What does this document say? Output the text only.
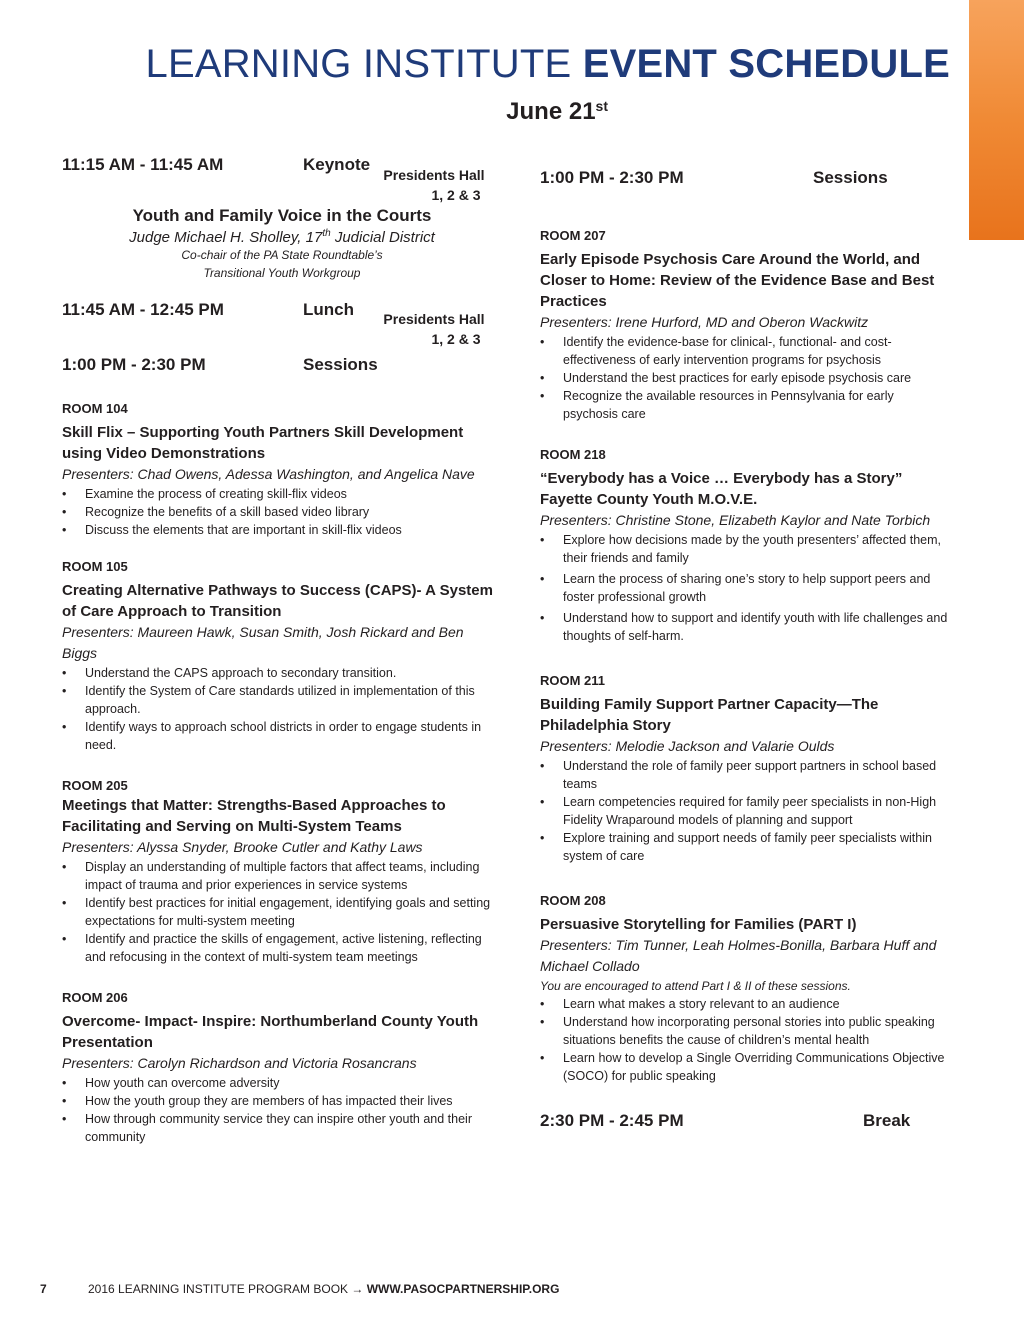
LEARNING INSTITUTE EVENT SCHEDULE
June 21st
11:15 AM - 11:45 AM	Keynote
Presidents Hall
1, 2 & 3
Youth and Family Voice in the Courts
Judge Michael H. Sholley, 17th Judicial District
Co-chair of the PA State Roundtable’s
Transitional Youth Workgroup
11:45 AM - 12:45 PM	Lunch	Presidents Hall
1, 2 & 3
1:00 PM - 2:30 PM	Sessions
ROOM 104
Skill Flix – Supporting Youth Partners Skill Development using Video Demonstrations
Presenters: Chad Owens, Adessa Washington, and Angelica Nave
• Examine the process of creating skill-flix videos
• Recognize the benefits of a skill based video library
• Discuss the elements that are important in skill-flix videos
ROOM 105
Creating Alternative Pathways to Success (CAPS)- A System of Care Approach to Transition
Presenters: Maureen Hawk, Susan Smith, Josh Rickard and Ben Biggs
• Understand the CAPS approach to secondary transition.
• Identify the System of Care standards utilized in implementation of this approach.
• Identify ways to approach school districts in order to engage students in need.
ROOM 205
Meetings that Matter: Strengths-Based Approaches to Facilitating and Serving on Multi-System Teams
Presenters: Alyssa Snyder, Brooke Cutler and Kathy Laws
• Display an understanding of multiple factors that affect teams, including impact of trauma and prior experiences in service systems
• Identify best practices for initial engagement, identifying goals and setting expectations for multi-system meeting
• Identify and practice the skills of engagement, active listening, reflecting and refocusing in the context of multi-system team meetings
ROOM 206
Overcome- Impact- Inspire: Northumberland County Youth Presentation
Presenters: Carolyn Richardson and Victoria Rosancrans
• How youth can overcome adversity
• How the youth group they are members of has impacted their lives
• How through community service they can inspire other youth and their community
1:00 PM - 2:30 PM	Sessions
ROOM 207
Early Episode Psychosis Care Around the World, and Closer to Home: Review of the Evidence Base and Best Practices
Presenters: Irene Hurford, MD and Oberon Wackwitz
• Identify the evidence-base for clinical-, functional- and cost-effectiveness of early intervention programs for psychosis
• Understand the best practices for early episode psychosis care
• Recognize the available resources in Pennsylvania for early psychosis care
ROOM 218
“Everybody has a Voice … Everybody has a Story” Fayette County Youth M.O.V.E.
Presenters: Christine Stone, Elizabeth Kaylor and Nate Torbich
• Explore how decisions made by the youth presenters’ affected them, their friends and family
• Learn the process of sharing one’s story to help support peers and foster professional growth
• Understand how to support and identify youth with life challenges and thoughts of self-harm.
ROOM 211
Building Family Support Partner Capacity—The Philadelphia Story
Presenters: Melodie Jackson and Valarie Oulds
• Understand the role of family peer support partners in school based teams
• Learn competencies required for family peer specialists in non-High Fidelity Wraparound models of planning and support
• Explore training and support needs of family peer specialists within system of care
ROOM 208
Persuasive Storytelling for Families (PART I)
Presenters: Tim Tunner, Leah Holmes-Bonilla, Barbara Huff and Michael Collado
You are encouraged to attend Part I & II of these sessions.
• Learn what makes a story relevant to an audience
• Understand how incorporating personal stories into public speaking situations benefits the cause of children’s mental health
• Learn how to develop a Single Overriding Communications Objective (SOCO) for public speaking
2:30 PM - 2:45 PM	Break
7	2016 LEARNING INSTITUTE PROGRAM BOOK → WWW.PASOCPARTNERSHIP.ORG
